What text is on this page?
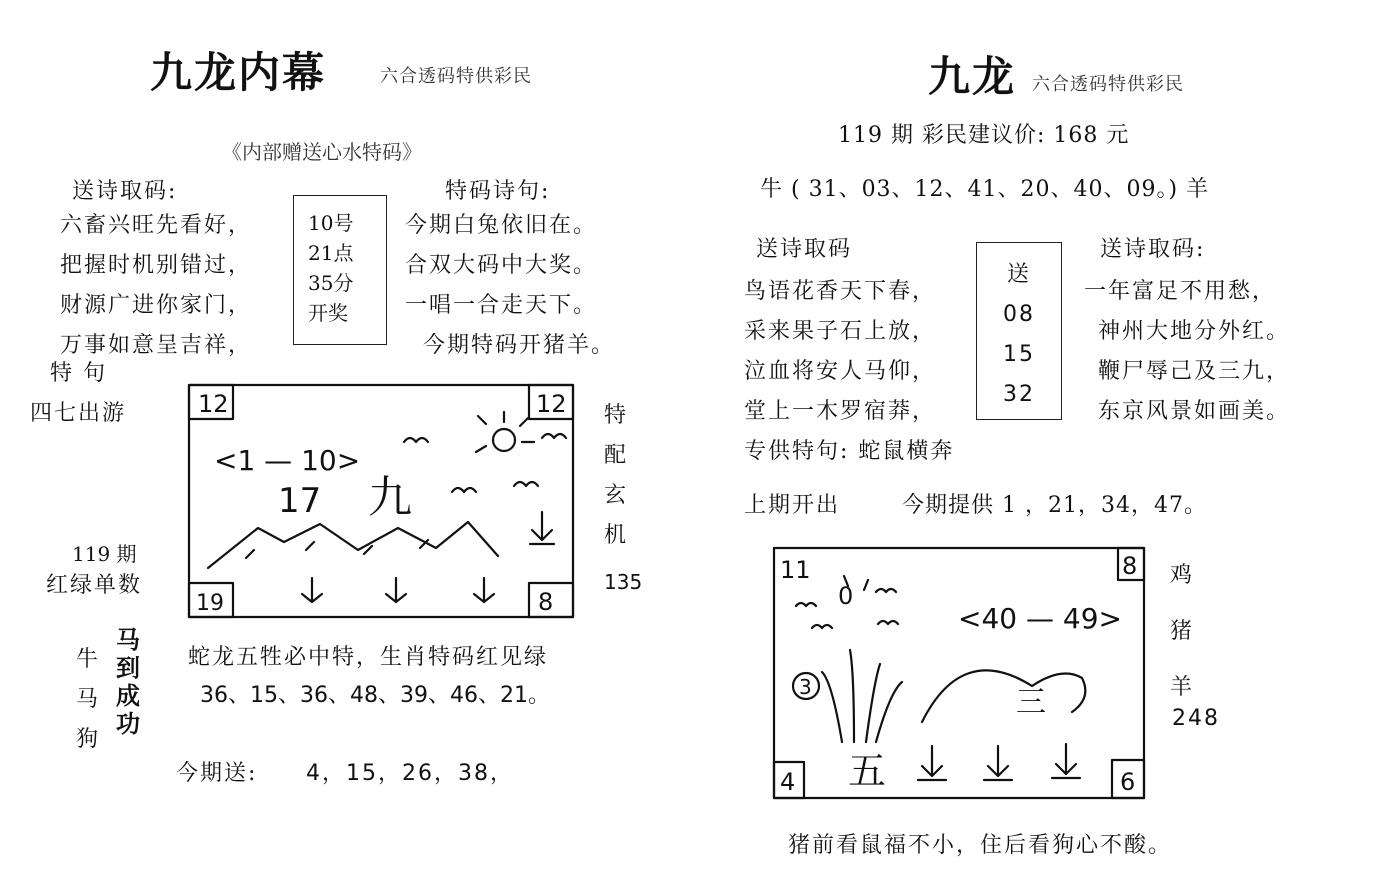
九龙内幕	六合透码特供彩民
《内部赠送心水特码》
送诗取码:	特码诗句:
六畜兴旺先看好，
把握时机别错过，
财源广进你家门，
万事如意呈吉祥，
10号
21点
35分
开奖
今期白兔依旧在。
合双大码中大奖。
一唱一合走天下。
今期特码开猪羊。
特 句
四七出游
119 期
红绿单数
特
配
玄
机
135
12	12
19	8
<1 — 10>
17 九
牛
马
狗
马
到
成
功
蛇龙五牲必中特，生肖特码红见绿
36、15、36、48、39、46、21。
今期送: 4，15，26，38，
九龙 六合透码特供彩民
119 期 彩民建议价: 168 元
牛 ( 31、03、12、41、20、40、09。) 羊
送诗取码	送诗取码:
鸟语花香天下春，
采来果子石上放，
泣血将安人马仰，
堂上一木罗宿莽，
送
08
15
32
一年富足不用愁，
神州大地分外红。
鞭尸辱己及三九，
东京风景如画美。
专供特句: 蛇鼠横奔
上期开出	今期提供 1 ，21，34，47。
11	8
4	6
<40 — 49>
0
3
五
三
鸡
猪
羊
248
猪前看鼠福不小，住后看狗心不酸。
